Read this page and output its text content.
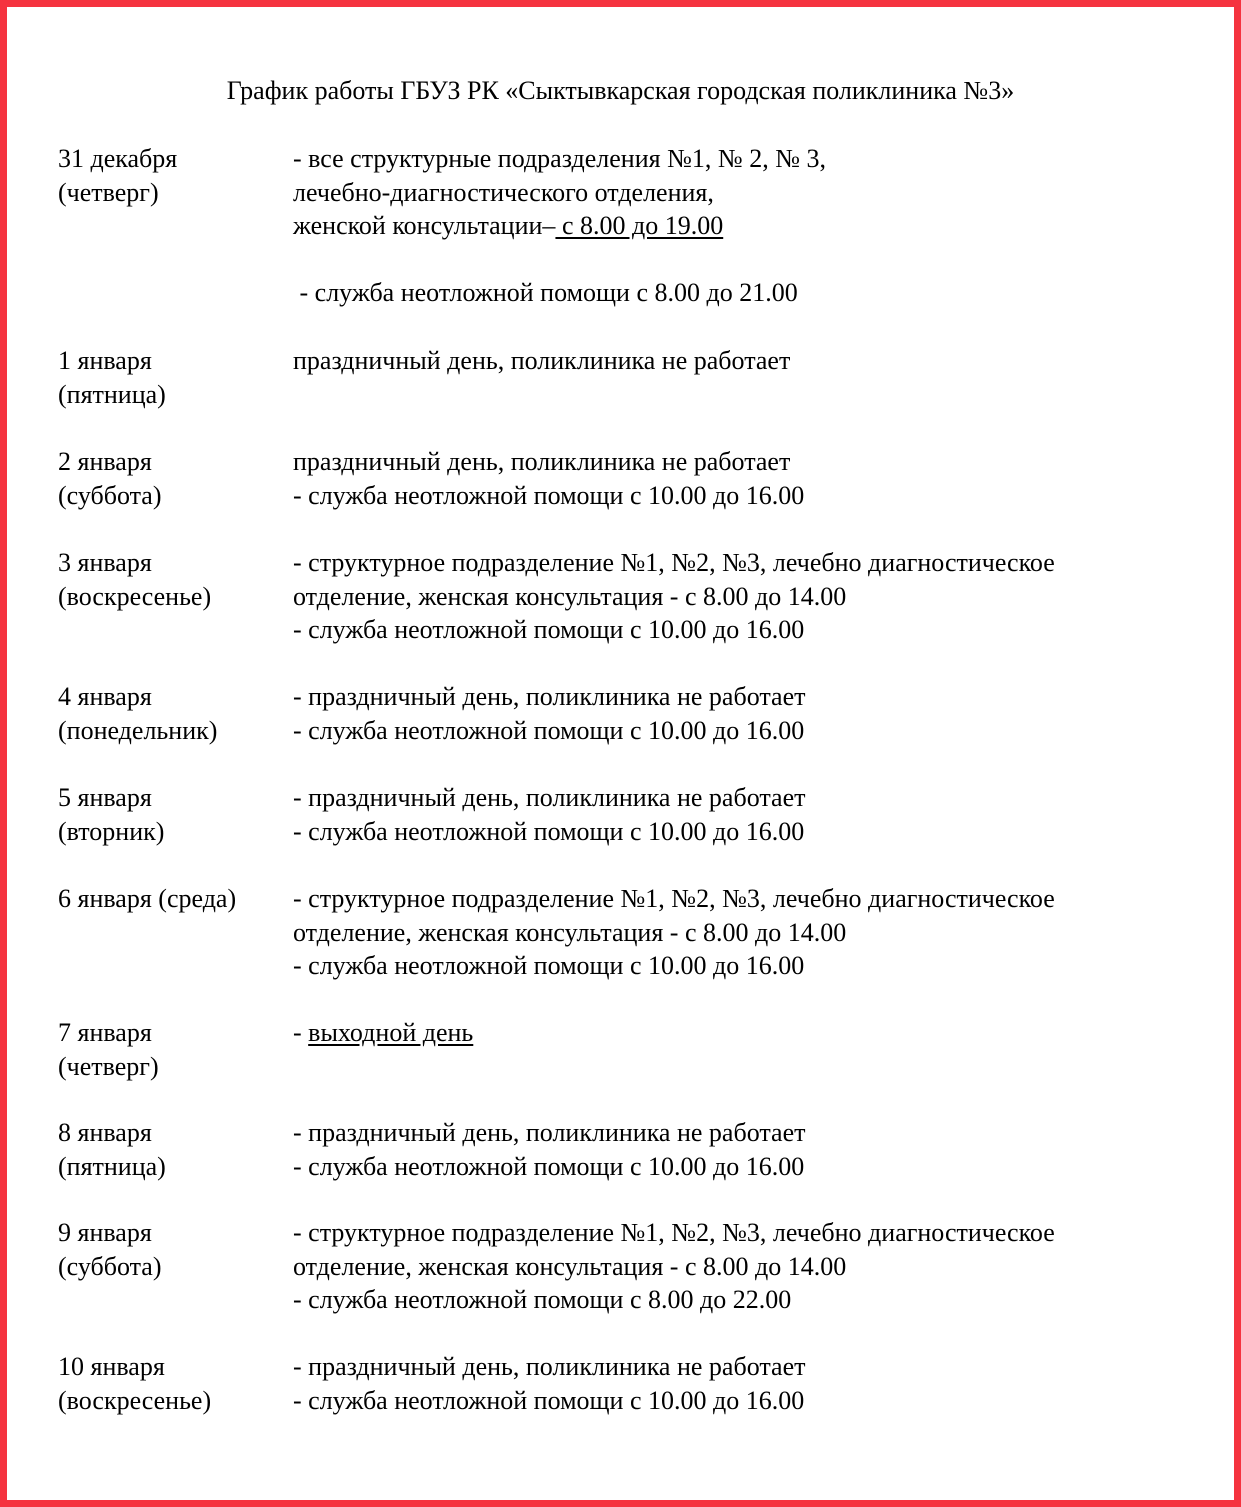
График работы ГБУЗ РК «Сыктывкарская городская поликлиника №3»
31 декабря
(четверг)
- все структурные подразделения №1, № 2, № 3,
лечебно-диагностического отделения,
женской консультации– с 8.00 до 19.00
- служба неотложной помощи с 8.00 до 21.00
1 января
(пятница)
праздничный день, поликлиника не работает
2 января
(суббота)
праздничный день, поликлиника не работает
- служба неотложной помощи с 10.00 до 16.00
3 января
(воскресенье)
- структурное подразделение №1, №2, №3, лечебно диагностическое
отделение, женская консультация - с 8.00 до 14.00
- служба неотложной помощи с 10.00 до 16.00
4 января
(понедельник)
- праздничный день, поликлиника не работает
- служба неотложной помощи с 10.00 до 16.00
5 января
(вторник)
- праздничный день, поликлиника не работает
- служба неотложной помощи с 10.00 до 16.00
6 января (среда)	- структурное подразделение №1, №2, №3, лечебно диагностическое
отделение, женская консультация - с 8.00 до 14.00
- служба неотложной помощи с 10.00 до 16.00
7 января
(четверг)
- выходной день
8 января
(пятница)
- праздничный день, поликлиника не работает
- служба неотложной помощи с 10.00 до 16.00
9 января
(суббота)
- структурное подразделение №1, №2, №3, лечебно диагностическое
отделение, женская консультация - с 8.00 до 14.00
- служба неотложной помощи с 8.00 до 22.00
10 января
(воскресенье)
- праздничный день, поликлиника не работает
- служба неотложной помощи с 10.00 до 16.00
